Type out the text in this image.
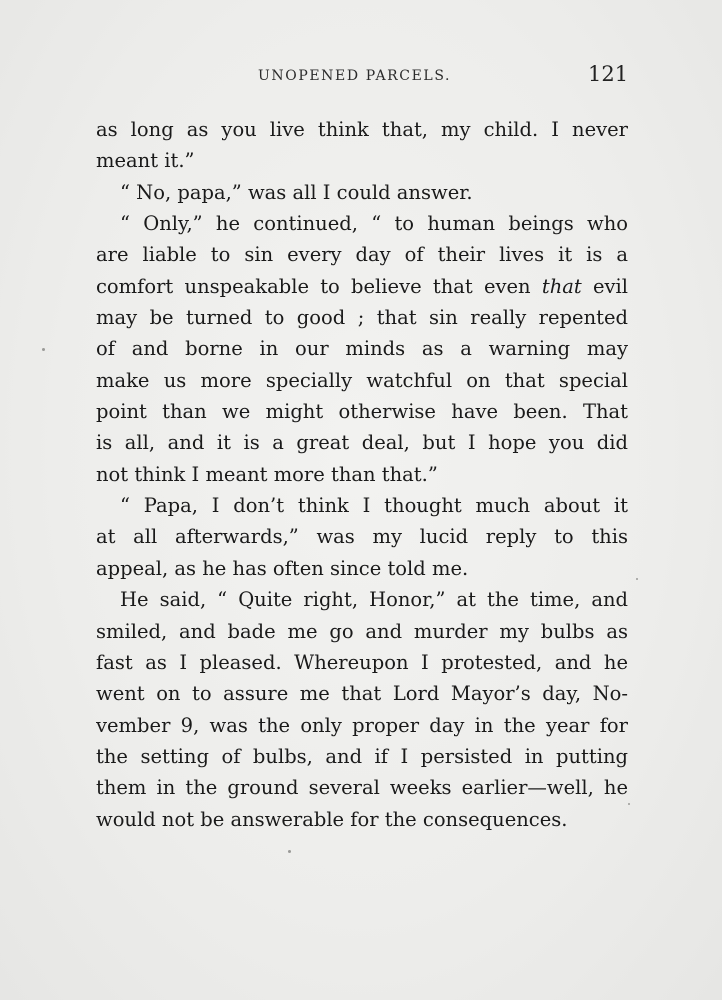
UNOPENED PARCELS.	121
as long as you live think that, my child. I never
meant it.”
“ No, papa,” was all I could answer.
“ Only,” he continued, “ to human beings who
are liable to sin every day of their lives it is a
comfort unspeakable to believe that even that evil
may be turned to good ; that sin really repented
of and borne in our minds as a warning may
make us more specially watchful on that special
point than we might otherwise have been. That
is all, and it is a great deal, but I hope you did
not think I meant more than that.”
“ Papa, I don’t think I thought much about it
at all afterwards,” was my lucid reply to this
appeal, as he has often since told me.
He said, “ Quite right, Honor,” at the time, and
smiled, and bade me go and murder my bulbs as
fast as I pleased. Whereupon I protested, and he
went on to assure me that Lord Mayor’s day, No-
vember 9, was the only proper day in the year for
the setting of bulbs, and if I persisted in putting
them in the ground several weeks earlier—well, he
would not be answerable for the consequences.
